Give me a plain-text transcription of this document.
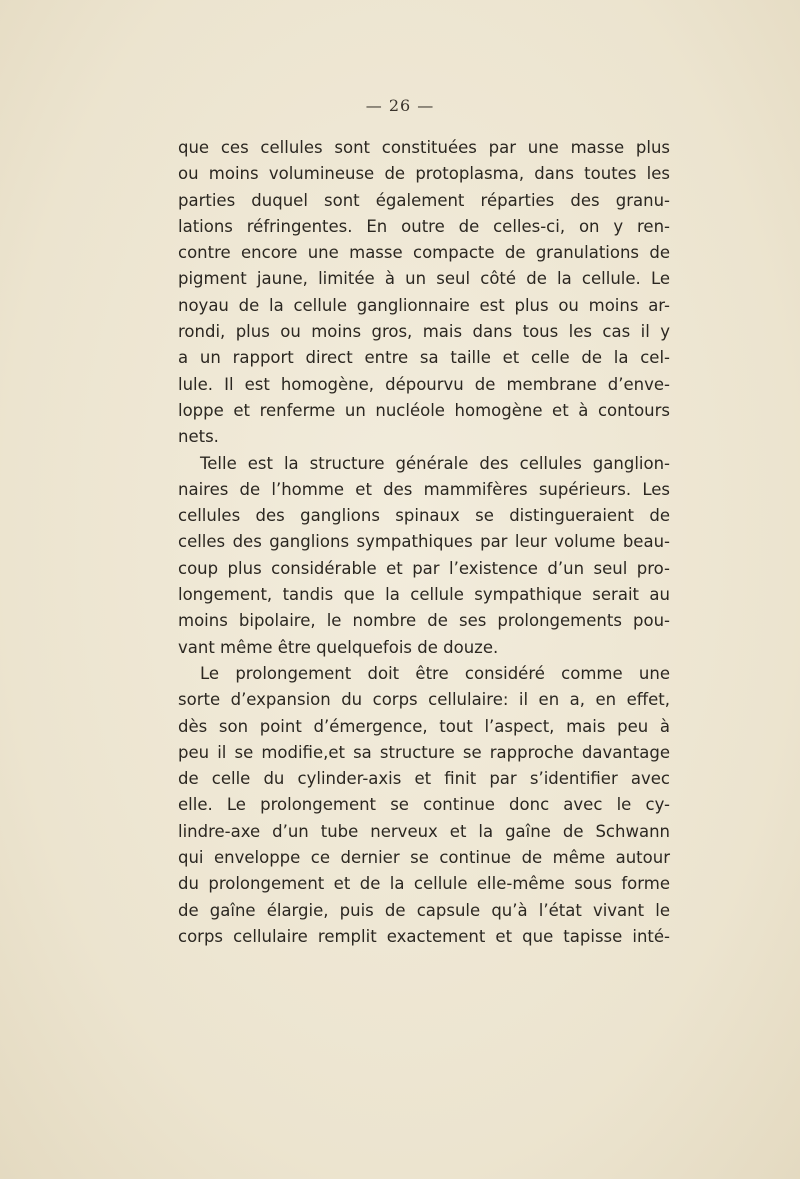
— 26 —
que ces cellules sont constituées par une masse plus
ou moins volumineuse de protoplasma, dans toutes les
parties duquel sont également réparties des granu-
lations réfringentes. En outre de celles-ci, on y ren-
contre encore une masse compacte de granulations de
pigment jaune, limitée à un seul côté de la cellule. Le
noyau de la cellule ganglionnaire est plus ou moins ar-
rondi, plus ou moins gros, mais dans tous les cas il y
a un rapport direct entre sa taille et celle de la cel-
lule. Il est homogène, dépourvu de membrane d’enve-
loppe et renferme un nucléole homogène et à contours
nets.
Telle est la structure générale des cellules ganglion-
naires de l’homme et des mammifères supérieurs. Les
cellules des ganglions spinaux se distingueraient de
celles des ganglions sympathiques par leur volume beau-
coup plus considérable et par l’existence d’un seul pro-
longement, tandis que la cellule sympathique serait au
moins bipolaire, le nombre de ses prolongements pou-
vant même être quelquefois de douze.
Le prolongement doit être considéré comme une
sorte d’expansion du corps cellulaire: il en a, en effet,
dès son point d’émergence, tout l’aspect, mais peu à
peu il se modifie,et sa structure se rapproche davantage
de celle du cylinder-axis et finit par s’identifier avec
elle. Le prolongement se continue donc avec le cy-
lindre-axe d’un tube nerveux et la gaîne de Schwann
qui enveloppe ce dernier se continue de même autour
du prolongement et de la cellule elle-même sous forme
de gaîne élargie, puis de capsule qu’à l’état vivant le
corps cellulaire remplit exactement et que tapisse inté-
